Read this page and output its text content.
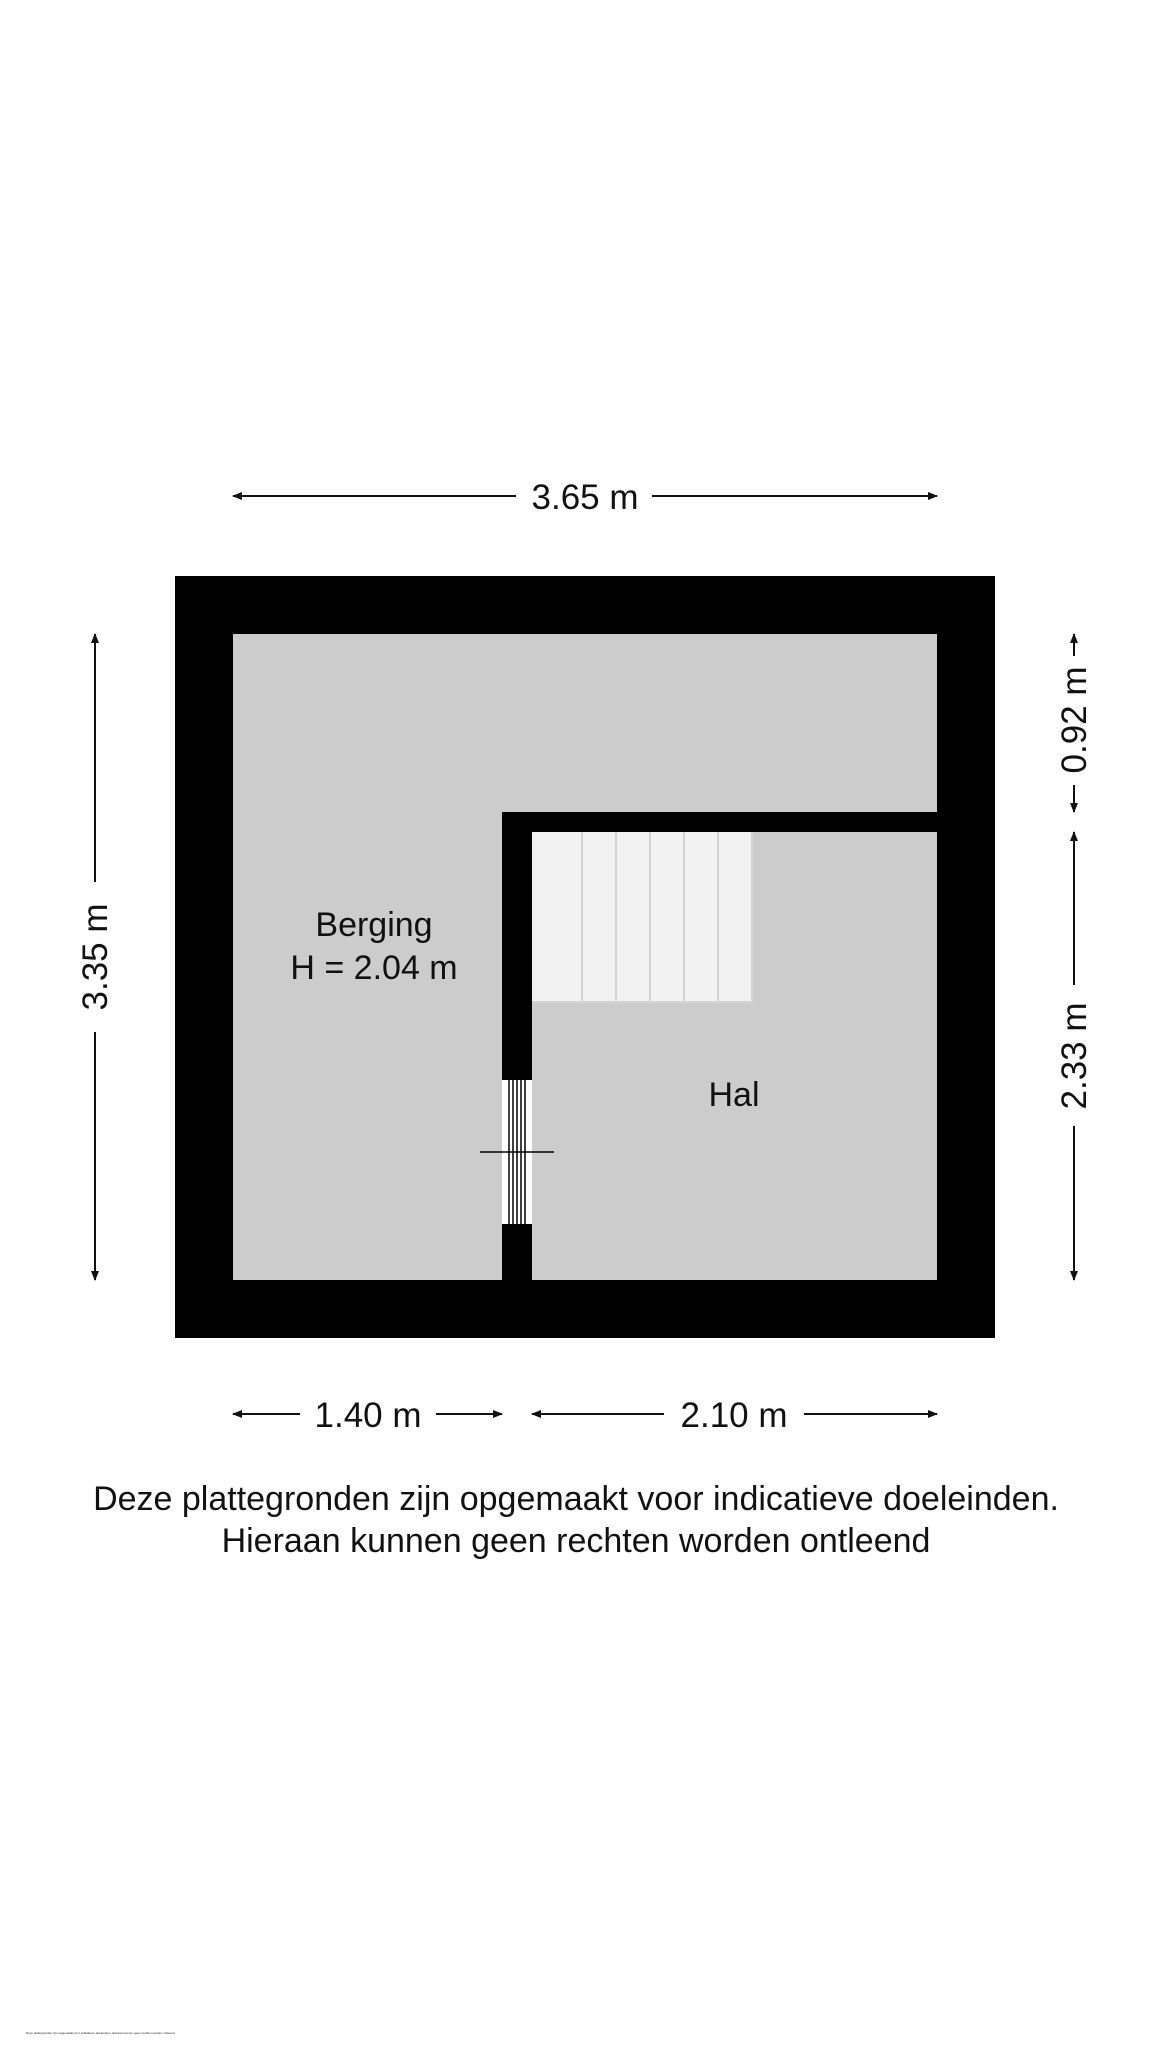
Berging
H = 2.04 m
Hal
3.65 m
3.35 m
0.92 m
2.33 m
1.40 m	2.10 m
Deze plattegronden zijn opgemaakt voor indicatieve doeleinden.
Hieraan kunnen geen rechten worden ontleend
Deze plattegronden zijn opgemaakt voor indicatieve doeleinden. Hieraan kunnen geen rechten worden ontleend
